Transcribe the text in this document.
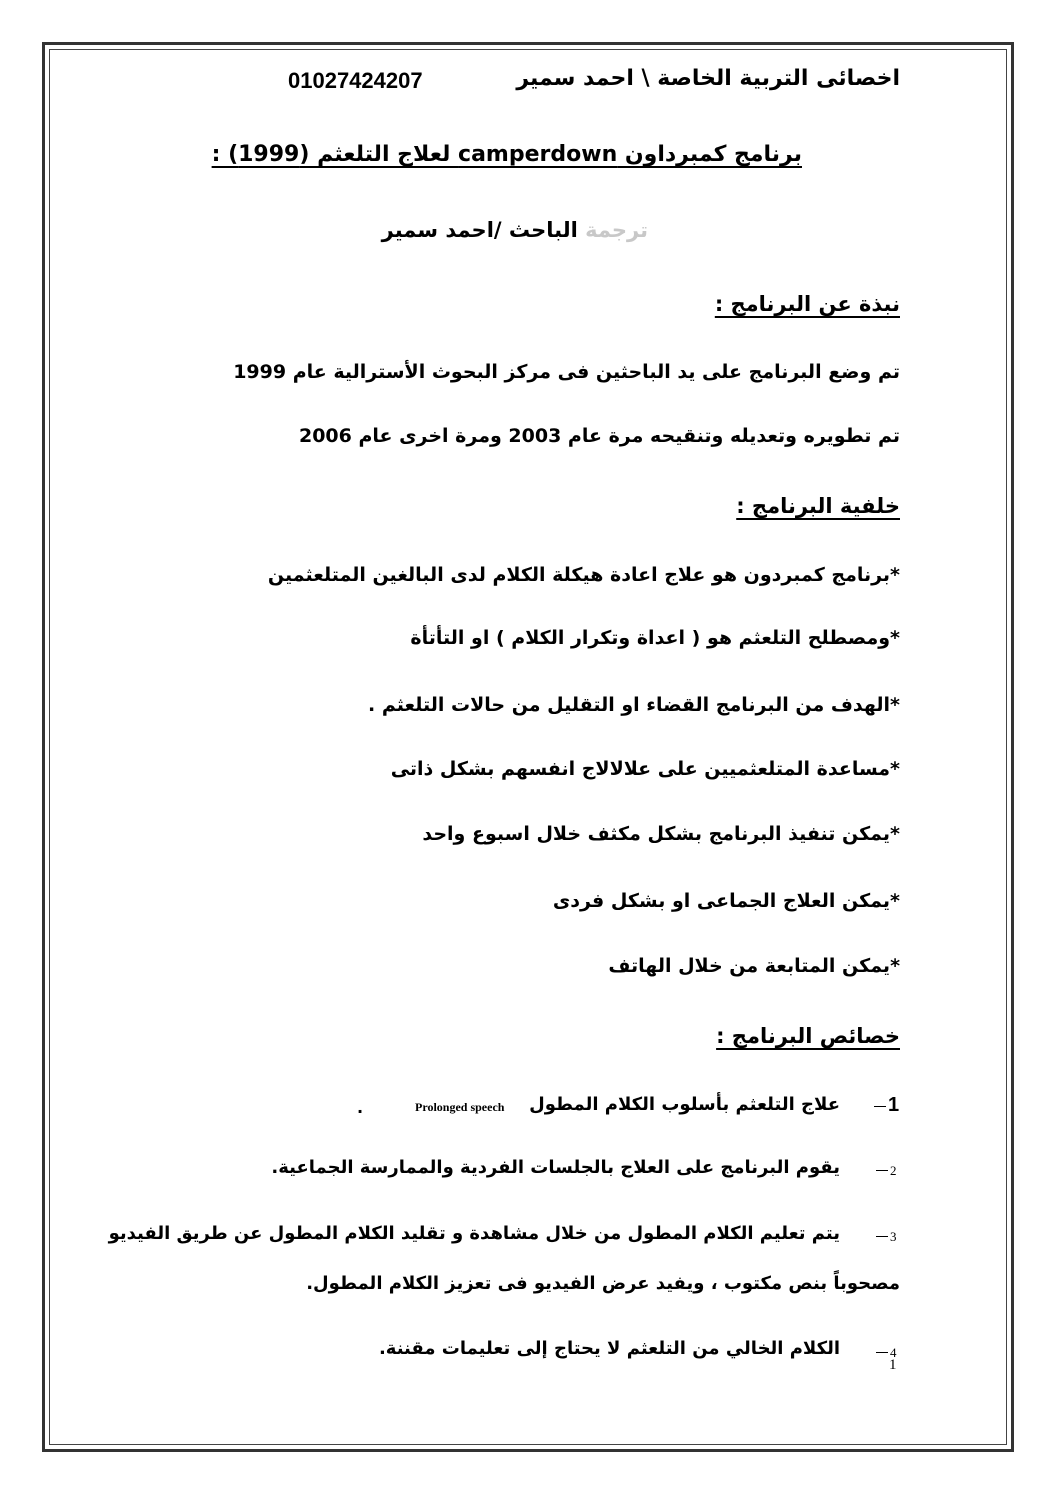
اخصائى التربية الخاصة \ احمد سمير
01027424207
برنامج كمبرداون camperdown لعلاج التلعثم (1999) :
ترجمة الباحث /احمد سمير
نبذة عن البرنامج :
تم وضع البرنامج على يد الباحثين فى مركز البحوث الأسترالية عام 1999
تم تطويره وتعديله وتنقيحه مرة عام 2003 ومرة اخرى عام 2006
خلفية البرنامج :
*برنامج كمبردون هو علاج اعادة هيكلة الكلام لدى البالغين المتلعثمين
*ومصطلح التلعثم هو ( اعداة وتكرار الكلام ) او التأتأة
*الهدف من البرنامج القضاء او التقليل من حالات التلعثم .
*مساعدة المتلعثميين على علالالاج انفسهم بشكل ذاتى
*يمكن تنفيذ البرنامج بشكل مكثف خلال اسبوع واحد
*يمكن العلاج الجماعى او بشكل فردى
*يمكن المتابعة من خلال الهاتف
خصائص البرنامج :
1
علاج التلعثم بأسلوب الكلام المطول
Prolonged speech
.
2
يقوم البرنامج على العلاج بالجلسات الفردية والممارسة الجماعية.
3
يتم تعليم الكلام المطول من خلال مشاهدة و تقليد الكلام المطول عن طريق الفيديو
مصحوباً بنص مكتوب ، ويفيد عرض الفيديو فى تعزيز الكلام المطول.
4
الكلام الخالي من التلعثم لا يحتاج إلى تعليمات مقننة.
1
